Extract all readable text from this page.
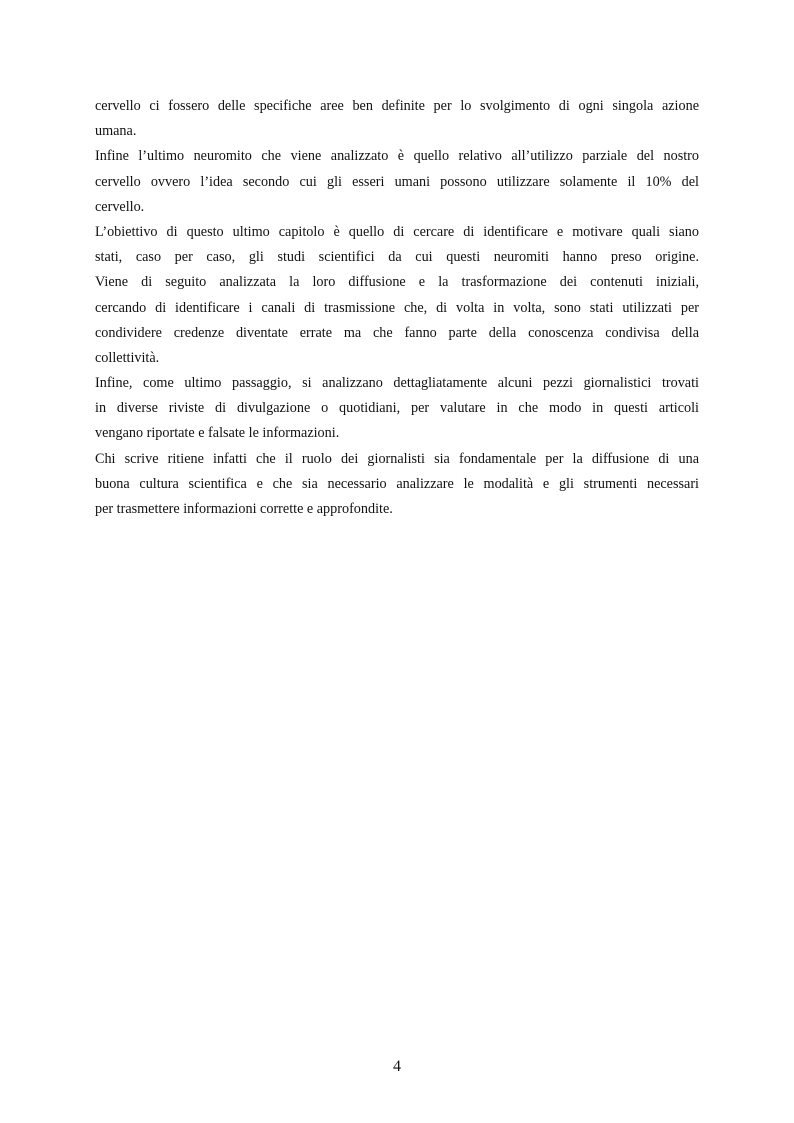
cervello ci fossero delle specifiche aree ben definite per lo svolgimento di ogni singola azione
umana.
Infine l’ultimo neuromito che viene analizzato è quello relativo all’utilizzo parziale del nostro
cervello ovvero l’idea secondo cui gli esseri umani possono utilizzare solamente il 10% del
cervello.
L’obiettivo di questo ultimo capitolo è quello di cercare di identificare e motivare quali siano
stati, caso per caso, gli studi scientifici da cui questi neuromiti hanno preso origine.
Viene di seguito analizzata la loro diffusione e la trasformazione dei contenuti iniziali,
cercando di identificare i canali di trasmissione che, di volta in volta, sono stati utilizzati per
condividere credenze diventate errate ma che fanno parte della conoscenza condivisa della
collettività.
Infine, come ultimo passaggio, si analizzano dettagliatamente alcuni pezzi giornalistici trovati
in diverse riviste di divulgazione o quotidiani, per valutare in che modo in questi articoli
vengano riportate e falsate le informazioni.
Chi scrive ritiene infatti che il ruolo dei giornalisti sia fondamentale per la diffusione di una
buona cultura scientifica e che sia necessario analizzare le modalità e gli strumenti necessari
per trasmettere informazioni corrette e approfondite.
4
